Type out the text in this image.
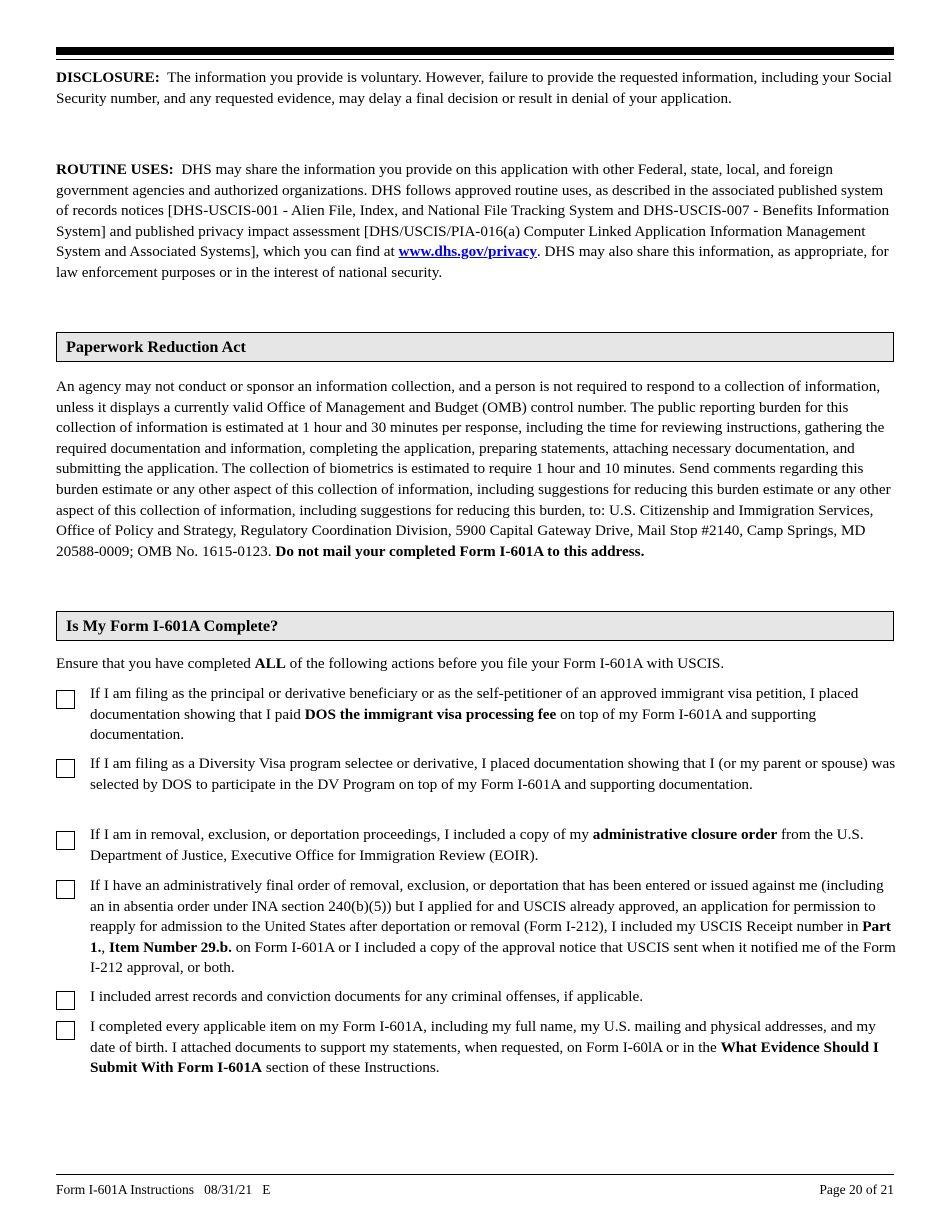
DISCLOSURE: The information you provide is voluntary. However, failure to provide the requested information, including your Social Security number, and any requested evidence, may delay a final decision or result in denial of your application.

ROUTINE USES: DHS may share the information you provide on this application with other Federal, state, local, and foreign government agencies and authorized organizations. DHS follows approved routine uses, as described in the associated published system of records notices [DHS-USCIS-001 - Alien File, Index, and National File Tracking System and DHS-USCIS-007 - Benefits Information System] and published privacy impact assessment [DHS/USCIS/PIA-016(a) Computer Linked Application Information Management System and Associated Systems], which you can find at www.dhs.gov/privacy. DHS may also share this information, as appropriate, for law enforcement purposes or in the interest of national security.

Paperwork Reduction Act

An agency may not conduct or sponsor an information collection, and a person is not required to respond to a collection of information, unless it displays a currently valid Office of Management and Budget (OMB) control number. The public reporting burden for this collection of information is estimated at 1 hour and 30 minutes per response, including the time for reviewing instructions, gathering the required documentation and information, completing the application, preparing statements, attaching necessary documentation, and submitting the application. The collection of biometrics is estimated to require 1 hour and 10 minutes. Send comments regarding this burden estimate or any other aspect of this collection of information, including suggestions for reducing this burden estimate or any other aspect of this collection of information, including suggestions for reducing this burden, to: U.S. Citizenship and Immigration Services, Office of Policy and Strategy, Regulatory Coordination Division, 5900 Capital Gateway Drive, Mail Stop #2140, Camp Springs, MD 20588-0009; OMB No. 1615-0123. Do not mail your completed Form I-601A to this address.

Is My Form I-601A Complete?

Ensure that you have completed ALL of the following actions before you file your Form I-601A with USCIS.

If I am filing as the principal or derivative beneficiary or as the self-petitioner of an approved immigrant visa petition, I placed documentation showing that I paid DOS the immigrant visa processing fee on top of my Form I-601A and supporting documentation.

If I am filing as a Diversity Visa program selectee or derivative, I placed documentation showing that I (or my parent or spouse) was selected by DOS to participate in the DV Program on top of my Form I-601A and supporting documentation.

If I am in removal, exclusion, or deportation proceedings, I included a copy of my administrative closure order from the U.S. Department of Justice, Executive Office for Immigration Review (EOIR).

If I have an administratively final order of removal, exclusion, or deportation that has been entered or issued against me (including an in absentia order under INA section 240(b)(5)) but I applied for and USCIS already approved, an application for permission to reapply for admission to the United States after deportation or removal (Form I-212), I included my USCIS Receipt number in Part 1., Item Number 29.b. on Form I-601A or I included a copy of the approval notice that USCIS sent when it notified me of the Form I-212 approval, or both.

I included arrest records and conviction documents for any criminal offenses, if applicable.

I completed every applicable item on my Form I-601A, including my full name, my U.S. mailing and physical addresses, and my date of birth. I attached documents to support my statements, when requested, on Form I-60lA or in the What Evidence Should I Submit With Form I-601A section of these Instructions.

Form I-601A Instructions   08/31/21   E	Page 20 of 21
